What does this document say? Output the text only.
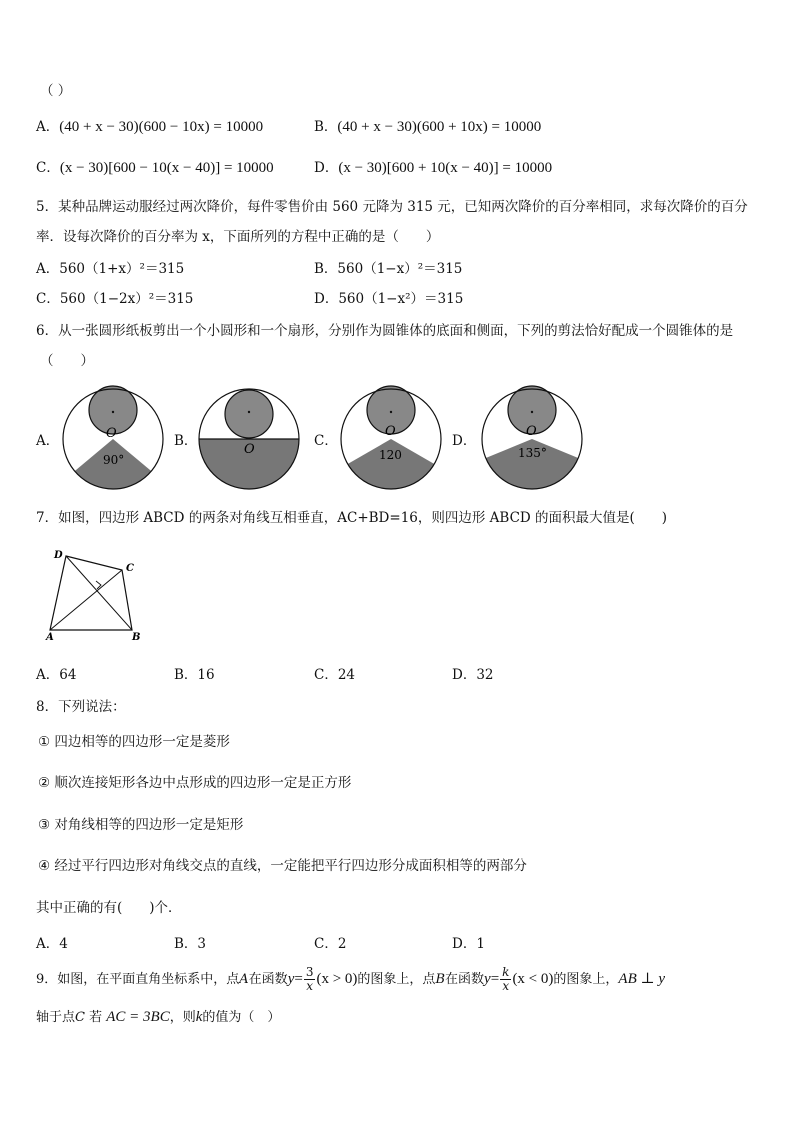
（ ）
A．(40 + x − 30)(600 − 10x) = 10000	B．(40 + x − 30)(600 + 10x) = 10000
C．(x − 30)[600 − 10(x − 40)] = 10000	D．(x − 30)[600 + 10(x − 40)] = 10000
5．某种品牌运动服经过两次降价，每件零售价由 560 元降为 315 元，已知两次降价的百分率相同，求每次降价的百分
率．设每次降价的百分率为 x，下面所列的方程中正确的是（　　）
A．560（1+x）²＝315	B．560（1−x）²＝315
C．560（1−2x）²＝315	D．560（1−x²）＝315
6．从一张圆形纸板剪出一个小圆形和一个扇形，分别作为圆锥体的底面和侧面，下列的剪法恰好配成一个圆锥体的是
（　　）
A．	O
90°
B．
O
C．
O
120
D．
O
135°
7．如图，四边形 ABCD 的两条对角线互相垂直，AC+BD=16，则四边形 ABCD 的面积最大值是(　　)
D
C
A	B
A．64	B．16	C．24	D．32
8．下列说法：
① 四边相等的四边形一定是菱形
② 顺次连接矩形各边中点形成的四边形一定是正方形
③ 对角线相等的四边形一定是矩形
④ 经过平行四边形对角线交点的直线，一定能把平行四边形分成面积相等的两部分
其中正确的有(　　)个．
A．4	B．3	C．2	D．1
9．如图，在平面直角坐标系中，点A在函数$y= \frac{3}{x} (x > 0)$的图象上，点B在函数$y= \frac{k}{x} (x < 0)$的图象上，AB ⊥ y
轴于点C 若 AC = 3BC，则k的值为（　）
